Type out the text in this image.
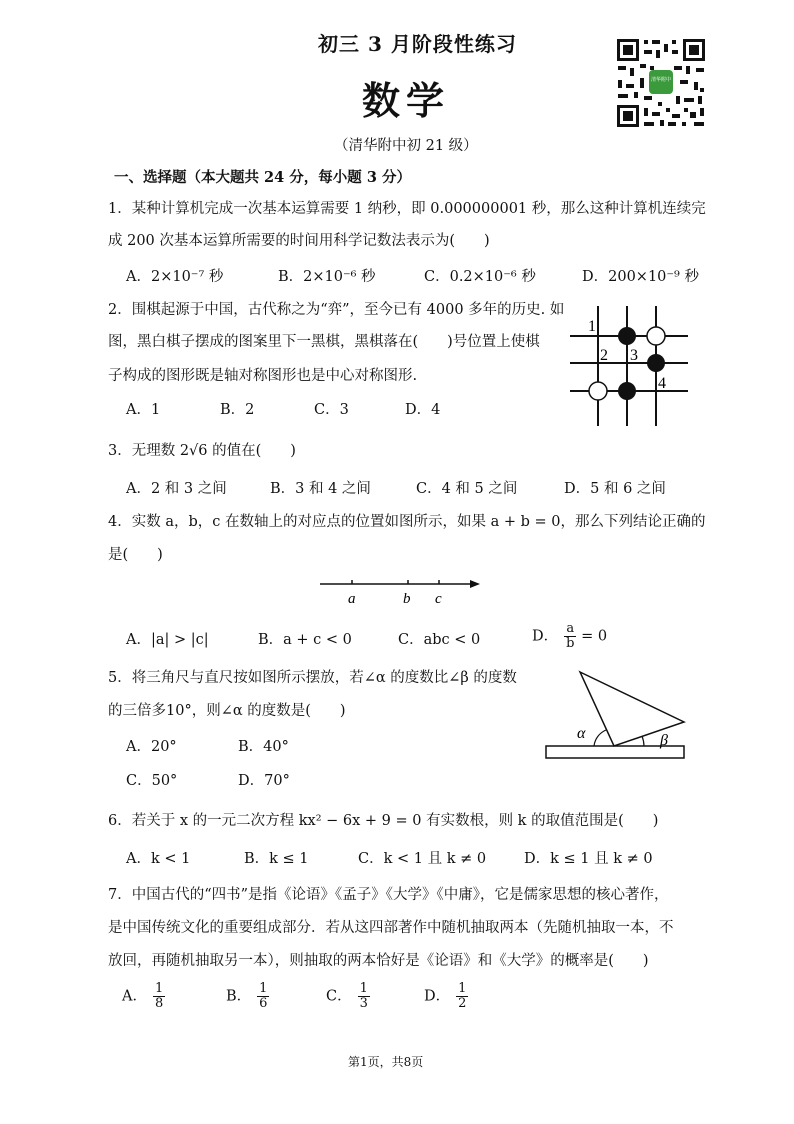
初三 3 月阶段性练习
数学
（清华附中初 21 级）
清华附中
一、选择题（本大题共 24 分，每小题 3 分）
1．某种计算机完成一次基本运算需要 1 纳秒，即 0.000000001 秒，那么这种计算机连续完
成 200 次基本运算所需要的时间用科学记数法表示为(　　)
A．2×10⁻⁷ 秒	B．2×10⁻⁶ 秒	C．0.2×10⁻⁶ 秒	D．200×10⁻⁹ 秒
2．围棋起源于中国，古代称之为“弈”，至今已有 4000 多年的历史. 如
图，黑白棋子摆成的图案里下一黑棋，黑棋落在(　　)号位置上使棋
子构成的图形既是轴对称图形也是中心对称图形.
A．1	B．2	C．3	D．4
1
2 3
4
3．无理数 2√6 的值在(　　)
A．2 和 3 之间	B．3 和 4 之间	C．4 和 5 之间	D．5 和 6 之间
4．实数 a，b，c 在数轴上的对应点的位置如图所示，如果 a + b = 0，那么下列结论正确的
是(　　)
a	b c
A．|a| > |c|	B．a + c < 0	C．abc < 0	D． $\frac{a}{b} = 0$
5．将三角尺与直尺按如图所示摆放，若∠α 的度数比∠β 的度数
的三倍多10°，则∠α 的度数是(　　)
A．20°	B．40°
C．50°	D．70°
α	β
6．若关于 x 的一元二次方程 kx² − 6x + 9 = 0 有实数根，则 k 的取值范围是(　　)
A．k < 1	B．k ≤ 1	C．k < 1 且 k ≠ 0	D．k ≤ 1 且 k ≠ 0
7．中国古代的“四书”是指《论语》《孟子》《大学》《中庸》，它是儒家思想的核心著作，
是中国传统文化的重要组成部分．若从这四部著作中随机抽取两本（先随机抽取一本，不
放回，再随机抽取另一本），则抽取的两本恰好是《论语》和《大学》的概率是(　　)
A． $\frac{1}{8}$	B． $\frac{1}{6}$	C． $\frac{1}{3}$	D． $\frac{1}{2}$
第1页，共8页
